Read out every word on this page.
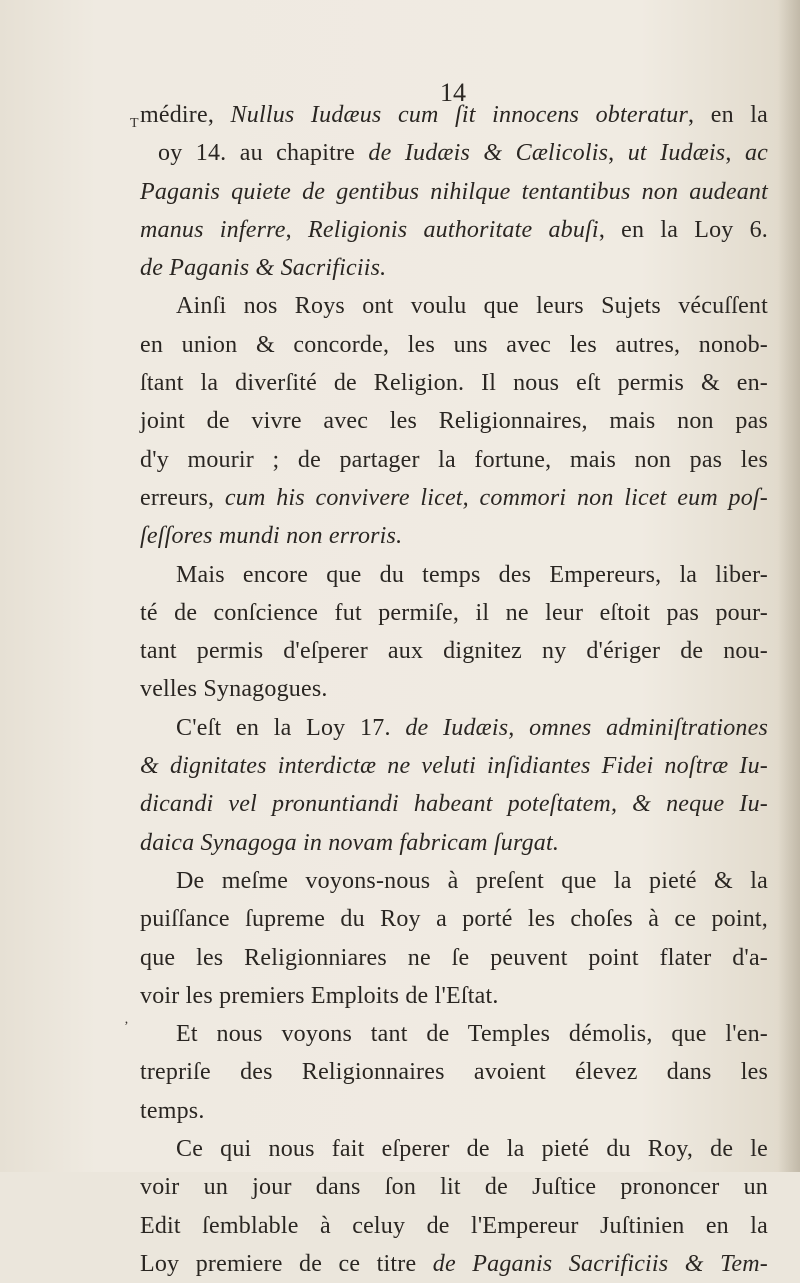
14
T
‚
médire, Nullus Iudæus cum ſit innocens obteratur, en la
oy 14. au chapitre de Iudæis & Cælicolis, ut Iudæis, ac
Paganis quiete de gentibus nihilque tentantibus non audeant
manus inferre, Religionis authoritate abuſi, en la Loy 6.
de Paganis & Sacrificiis.
Ainſi nos Roys ont voulu que leurs Sujets vécuſſent
en union & concorde, les uns avec les autres, nonob-
ſtant la diverſité de Religion. Il nous eſt permis & en-
joint de vivre avec les Religionnaires, mais non pas
d'y mourir ; de partager la fortune, mais non pas les
erreurs, cum his convivere licet, commori non licet eum poſ-
ſeſſores mundi non erroris.
Mais encore que du temps des Empereurs, la liber-
té de conſcience fut permiſe, il ne leur eſtoit pas pour-
tant permis d'eſperer aux dignitez ny d'ériger de nou-
velles Synagogues.
C'eſt en la Loy 17. de Iudæis, omnes adminiſtrationes
& dignitates interdictæ ne veluti inſidiantes Fidei noſtræ Iu-
dicandi vel pronuntiandi habeant poteſtatem, & neque Iu-
daica Synagoga in novam fabricam ſurgat.
De meſme voyons-nous à preſent que la pieté & la
puiſſance ſupreme du Roy a porté les choſes à ce point,
que les Religionniares ne ſe peuvent point flater d'a-
voir les premiers Emploits de l'Eſtat.
Et nous voyons tant de Temples démolis, que l'en-
trepriſe des Religionnaires avoient élevez dans les
temps.
Ce qui nous fait eſperer de la pieté du Roy, de le
voir un jour dans ſon lit de Juſtice prononcer un
Edit ſemblable à celuy de l'Empereur Juſtinien en la
Loy premiere de ce titre de Paganis Sacrificiis & Tem-
